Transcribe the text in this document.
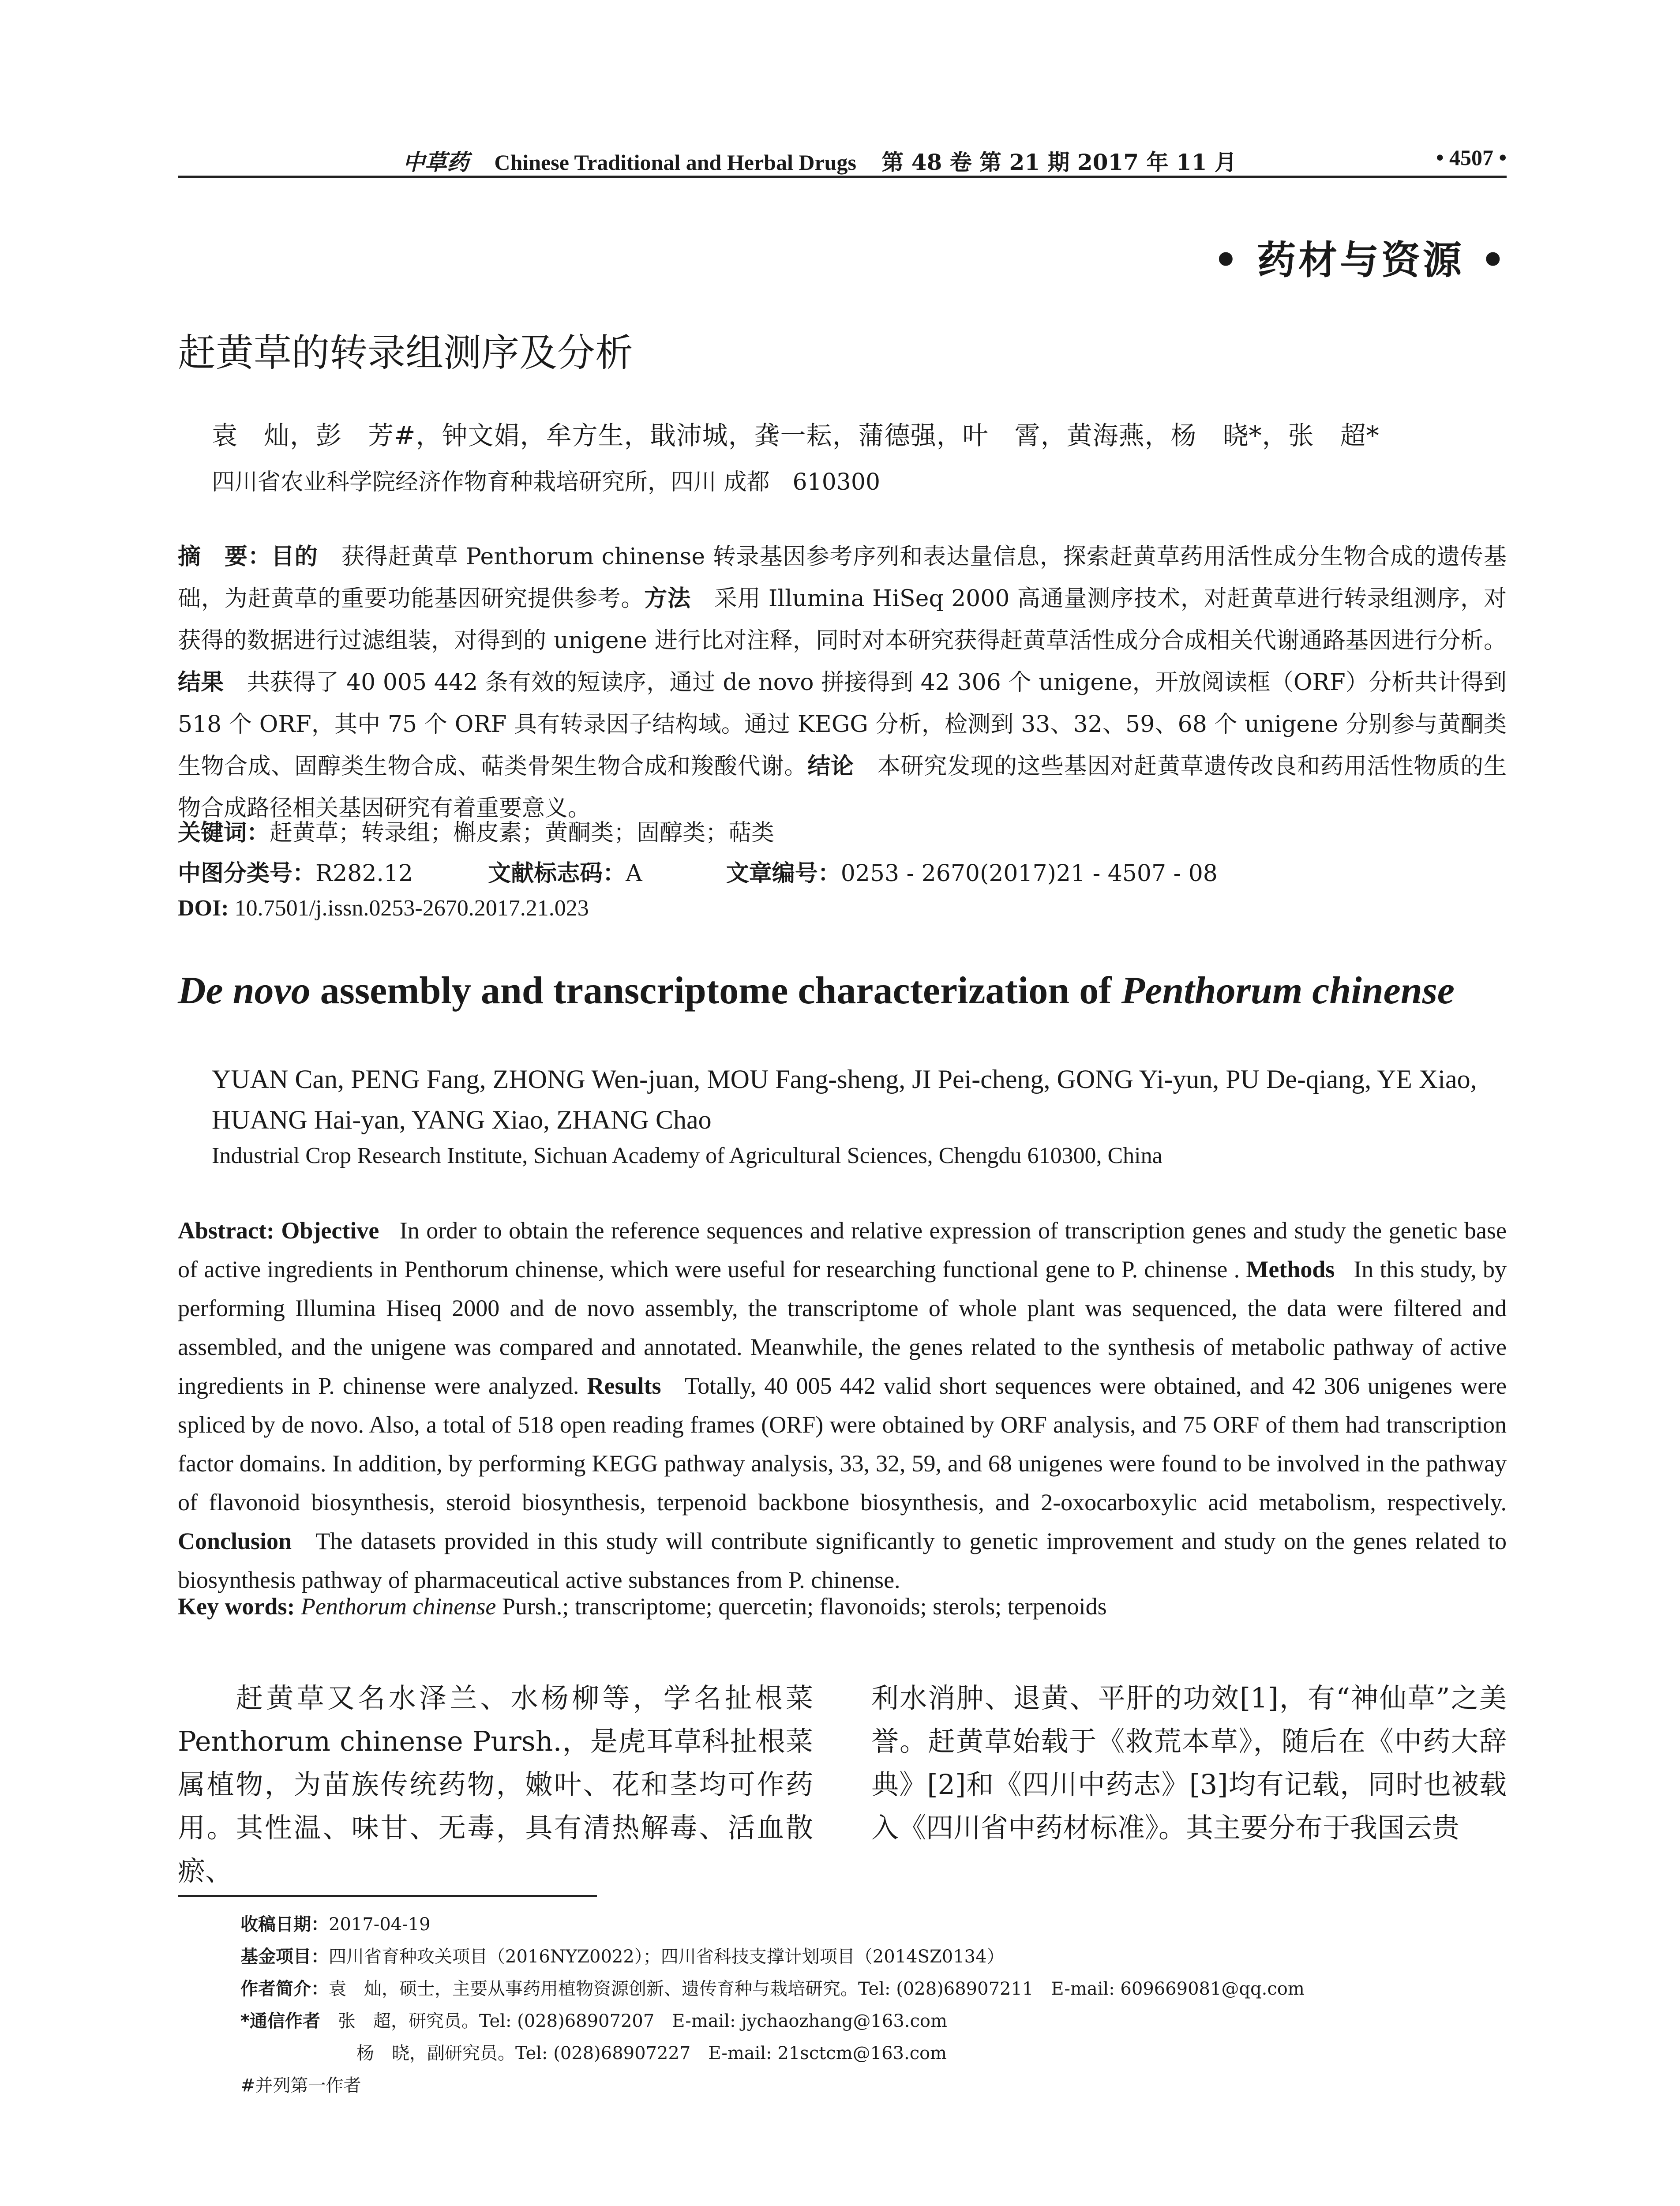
中草药 Chinese Traditional and Herbal Drugs 第 48 卷 第 21 期 2017 年 11 月	• 4507 •
• 药材与资源 •
赶黄草的转录组测序及分析
袁　灿，彭　芳#，钟文娟，牟方生，戢沛城，龚一耘，蒲德强，叶　霄，黄海燕，杨　晓*，张　超*
四川省农业科学院经济作物育种栽培研究所，四川 成都　610300
摘　要：目的　 获得赶黄草 Penthorum chinense 转录基因参考序列和表达量信息，探索赶黄草药用活性成分生物合成的遗传基础，为赶黄草的重要功能基因研究提供参考。方法　 采用 Illumina HiSeq 2000 高通量测序技术，对赶黄草进行转录组测序，对获得的数据进行过滤组装，对得到的 unigene 进行比对注释，同时对本研究获得赶黄草活性成分合成相关代谢通路基因进行分析。结果　 共获得了 40 005 442 条有效的短读序，通过 de novo 拼接得到 42 306 个 unigene，开放阅读框（ORF）分析共计得到 518 个 ORF，其中 75 个 ORF 具有转录因子结构域。通过 KEGG 分析，检测到 33、32、59、68 个 unigene 分别参与黄酮类生物合成、固醇类生物合成、萜类骨架生物合成和羧酸代谢。结论　 本研究发现的这些基因对赶黄草遗传改良和药用活性物质的生物合成路径相关基因研究有着重要意义。
关键词：赶黄草；转录组；槲皮素；黄酮类；固醇类；萜类
中图分类号：R282.12	文献标志码：A	文章编号：0253 - 2670(2017)21 - 4507 - 08
DOI: 10.7501/j.issn.0253-2670.2017.21.023
De novo assembly and transcriptome characterization of Penthorum chinense
YUAN Can, PENG Fang, ZHONG Wen-juan, MOU Fang-sheng, JI Pei-cheng, GONG Yi-yun, PU De-qiang, YE Xiao, HUANG Hai-yan, YANG Xiao, ZHANG Chao
Industrial Crop Research Institute, Sichuan Academy of Agricultural Sciences, Chengdu 610300, China
Abstract: Objective In order to obtain the reference sequences and relative expression of transcription genes and study the genetic base of active ingredients in Penthorum chinense, which were useful for researching functional gene to P. chinense . Methods In this study, by performing Illumina Hiseq 2000 and de novo assembly, the transcriptome of whole plant was sequenced, the data were filtered and assembled, and the unigene was compared and annotated. Meanwhile, the genes related to the synthesis of metabolic pathway of active ingredients in P. chinense were analyzed. Results Totally, 40 005 442 valid short sequences were obtained, and 42 306 unigenes were spliced by de novo. Also, a total of 518 open reading frames (ORF) were obtained by ORF analysis, and 75 ORF of them had transcription factor domains. In addition, by performing KEGG pathway analysis, 33, 32, 59, and 68 unigenes were found to be involved in the pathway of flavonoid biosynthesis, steroid biosynthesis, terpenoid backbone biosynthesis, and 2-oxocarboxylic acid metabolism, respectively. Conclusion The datasets provided in this study will contribute significantly to genetic improvement and study on the genes related to biosynthesis pathway of pharmaceutical active substances from P. chinense.
Key words: Penthorum chinense Pursh.; transcriptome; quercetin; flavonoids; sterols; terpenoids
赶黄草又名水泽兰、水杨柳等，学名扯根菜 Penthorum chinense Pursh.，是虎耳草科扯根菜属植物，为苗族传统药物，嫩叶、花和茎均可作药用。其性温、味甘、无毒，具有清热解毒、活血散瘀、
利水消肿、退黄、平肝的功效[1]，有“神仙草”之美誉。赶黄草始载于《救荒本草》，随后在《中药大辞典》[2]和《四川中药志》[3]均有记载，同时也被载入《四川省中药材标准》。其主要分布于我国云贵
收稿日期：2017-04-19
基金项目：四川省育种攻关项目（2016NYZ0022）；四川省科技支撑计划项目（2014SZ0134）
作者简介：袁　灿，硕士，主要从事药用植物资源创新、遗传育种与栽培研究。Tel: (028)68907211　E-mail: 609669081@qq.com
*通信作者 张　超，研究员。Tel: (028)68907207　E-mail: jychaozhang@163.com
杨　晓，副研究员。Tel: (028)68907227　E-mail: 21sctcm@163.com
#并列第一作者
